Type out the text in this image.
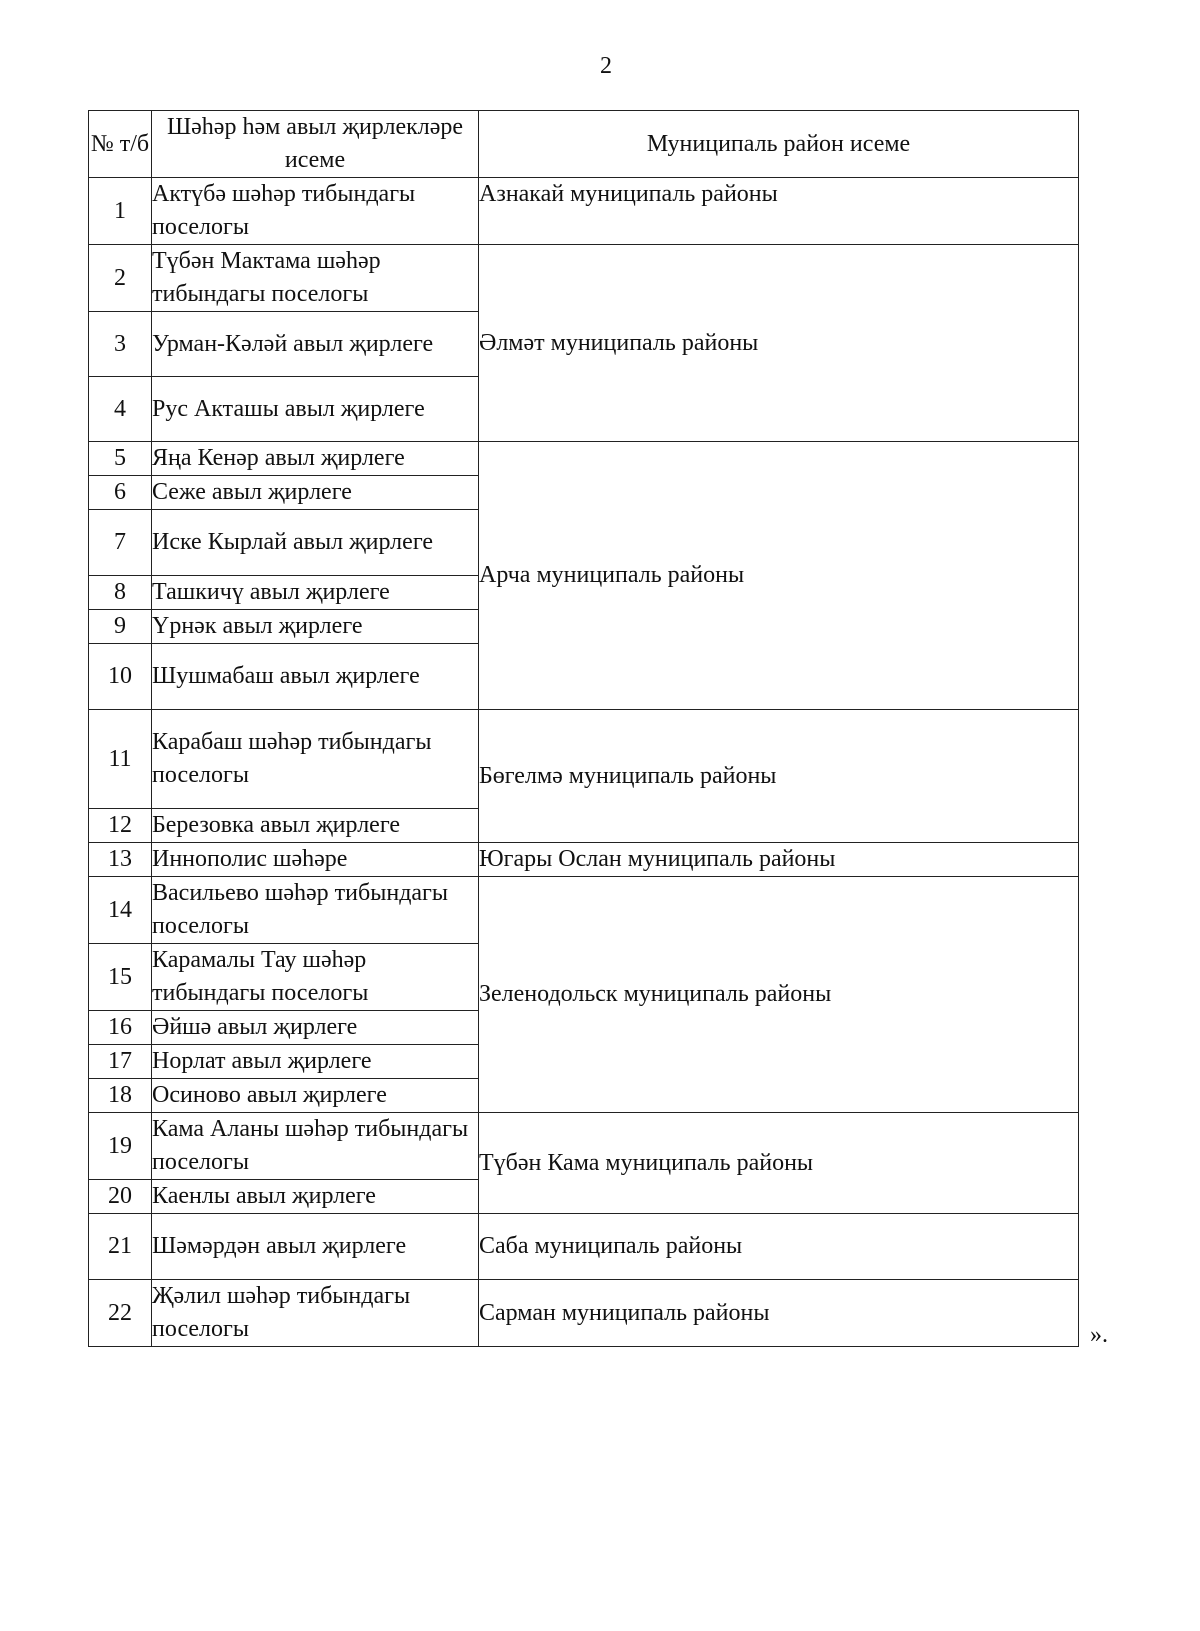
2
№ т/б	Шәһәр һәм авыл җирлекләре исеме	Муниципаль район исеме
1	Актүбә шәһәр тибындагы поселогы	Азнакай муниципаль районы
2	Түбән Мактама шәһәр тибындагы поселогы	Әлмәт муниципаль районы
3	Урман-Кәләй авыл җирлеге	
4	Рус Акташы авыл җирлеге	
5	Яңа Кенәр авыл җирлеге	Арча муниципаль районы
6	Сеже авыл җирлеге	
7	Иске Кырлай авыл җирлеге	
8	Ташкичү авыл җирлеге	
9	Үрнәк авыл җирлеге	
10	Шушмабаш авыл җирлеге	
11	Карабаш шәһәр тибындагы поселогы	Бөгелмә муниципаль районы
12	Березовка авыл җирлеге	
13	Иннополис шәһәре	Югары Ослан муниципаль районы
14	Васильево шәһәр тибындагы поселогы	Зеленодольск муниципаль районы
15	Карамалы Тау шәһәр тибындагы поселогы	
16	Әйшә авыл җирлеге	
17	Норлат авыл җирлеге	
18	Осиново авыл җирлеге	
19	Кама Аланы шәһәр тибындагы поселогы	Түбән Кама муниципаль районы
20	Каенлы авыл җирлеге	
21	Шәмәрдән авыл җирлеге	Саба муниципаль районы
22	Җәлил шәһәр тибындагы поселогы	Сарман муниципаль районы
».
